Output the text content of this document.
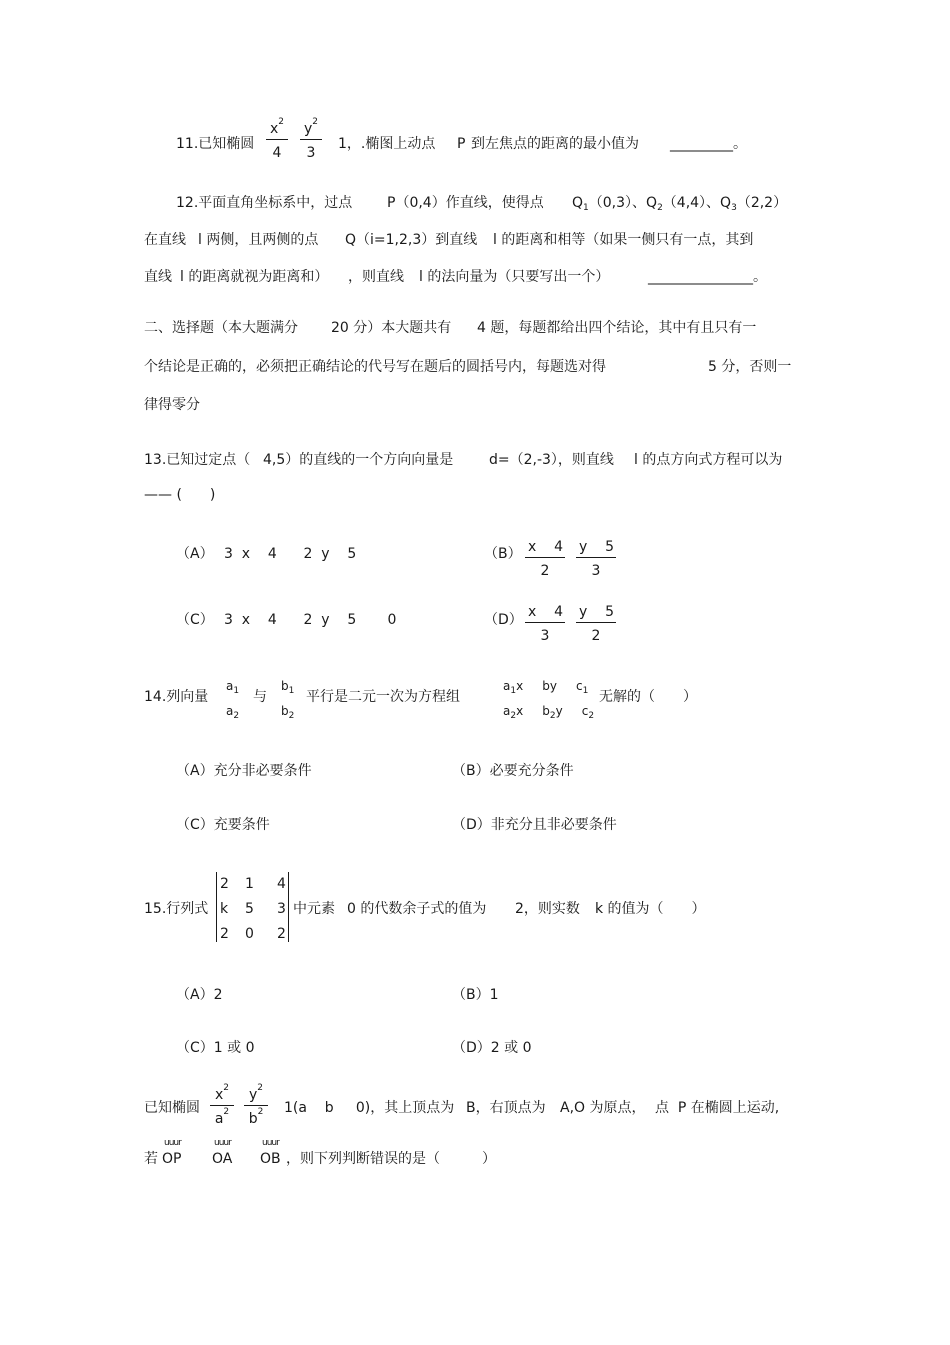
11.已知椭圆 $\frac{x^2}{4} \frac{y^2}{3} 1$，.椭图上动点 P 到左焦点的距离的最小值为 _________。
12.平面直角坐标系中，过点 P（0,4）作直线，使得点 $Q_1(0,3)$、$Q_2(4,4)$、$Q_3(2,2)$
在直线 l 两侧，且两侧的点 Q（i=1,2,3）到直线 l 的距离和相等（如果一侧只有一点，其到
直线 l 的距离就视为距离和） ，则直线 l 的法向量为（只要写出一个）	_______________。
二、选择题（本大题满分 20 分）本大题共有 4 题，每题都给出四个结论，其中有且只有一
个结论是正确的，必须把正确结论的代号写在题后的圆括号内，每题选对得	5 分，否则一
律得零分
13.已知过定点（ 4,5）的直线的一个方向向量是	d=（2,-3），则直线 l 的点方向式方程可以为
—— (　　)
（A） 3  x    4      2  y    5	$(B) \frac{x 4}{2} \frac{y 5}{3}$
（C） 3  x    4      2  y    5       0	$(D) \frac{x 4}{3} \frac{y 5}{2}$
14.列向量
$a_1$
$a_2$
与
$b_1$
$b_2$
平行是二元一次为方程组
$a_1x$     by     $c_1$
$a_2x$     $b_2y$     $c_2$
无解的（　　）
（A）充分非必要条件	（B）必要充分条件
（C）充要条件	（D）非充分且非必要条件
15.行列式
2 1 4
k 5 3
2 0 2
中元素 0 的代数余子式的值为 2，则实数 k 的值为（　　）
（A）2	（B）1
（C）1 或 0	（D）2 或 0
已知椭圆 $\frac{x^2}{a^2} \frac{y^2}{b^2} 1(a$    b     0)，其上顶点为 B，右顶点为 A,O 为原点， 点  P 在椭圆上运动,
若
uuur
OP
uuur
OA
uuur
OB ，则下列判断错误的是（　　　）
